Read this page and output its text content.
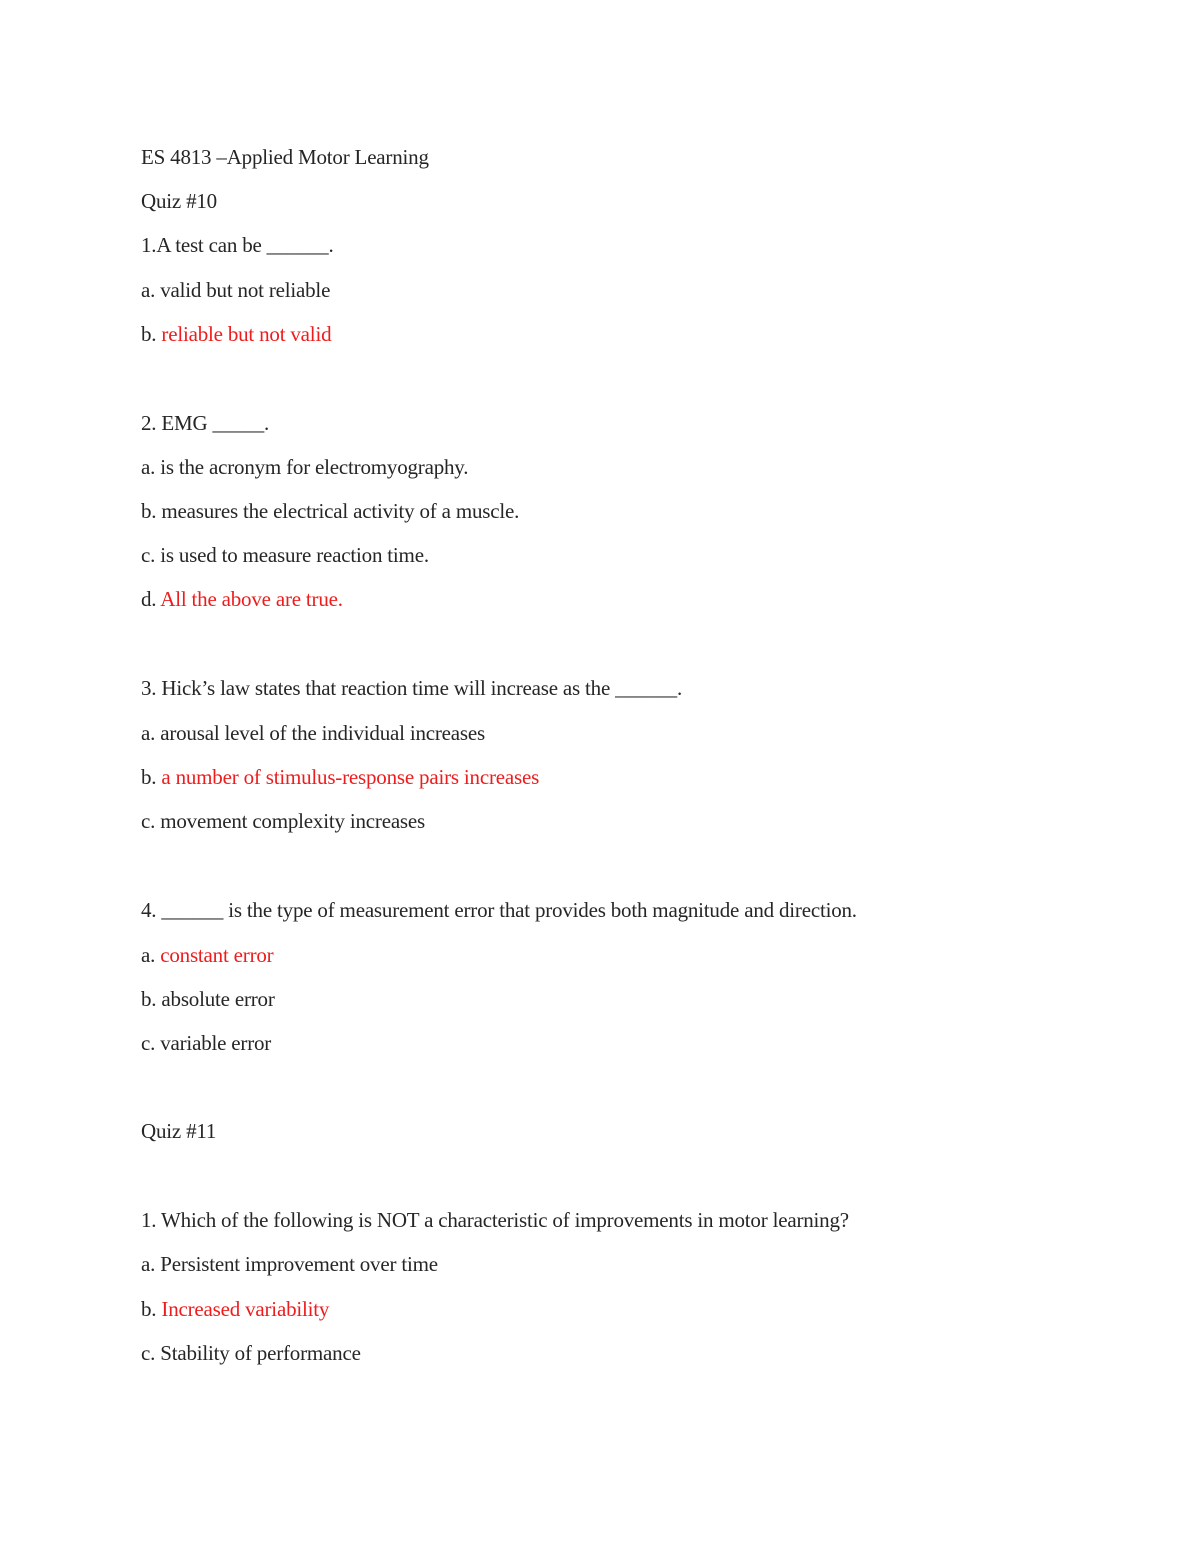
ES 4813 –Applied Motor Learning
Quiz #10
1.A test can be ______.
a. valid but not reliable
b. reliable but not valid
2. EMG _____.
a. is the acronym for electromyography.
b. measures the electrical activity of a muscle.
c. is used to measure reaction time.
d. All the above are true.
3. Hick’s law states that reaction time will increase as the ______.
a. arousal level of the individual increases
b. a number of stimulus-response pairs increases
c. movement complexity increases
4. ______ is the type of measurement error that provides both magnitude and direction.
a. constant error
b. absolute error
c. variable error
Quiz #11
1. Which of the following is NOT a characteristic of improvements in motor learning?
a. Persistent improvement over time
b. Increased variability
c. Stability of performance
